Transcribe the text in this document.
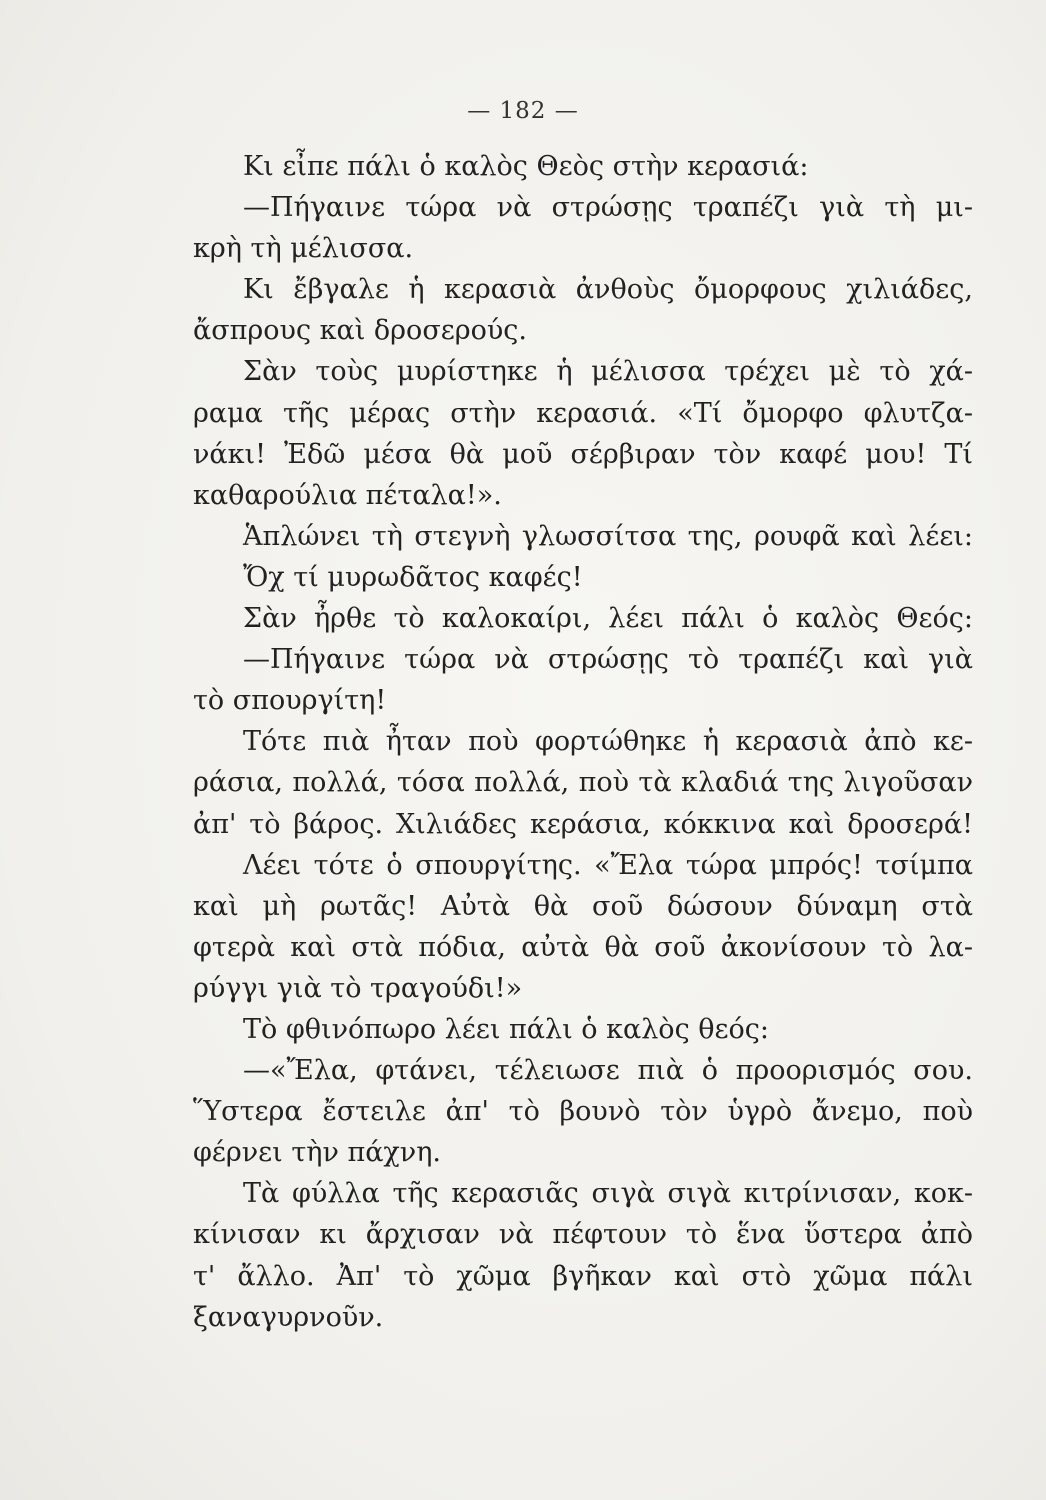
— 182 —
Κι εἶπε πάλι ὁ καλὸς Θεὸς στὴν κερασιά:
—Πήγαινε τώρα νὰ στρώσῃς τραπέζι γιὰ τὴ μι-
κρὴ τὴ μέλισσα.
Κι ἔβγαλε ἡ κερασιὰ ἀνθοὺς ὄμορφους χιλιάδες,
ἄσπρους καὶ δροσερούς.
Σὰν τοὺς μυρίστηκε ἡ μέλισσα τρέχει μὲ τὸ χά-
ραμα τῆς μέρας στὴν κερασιά. «Τί ὄμορφο φλυτζα-
νάκι! Ἐδῶ μέσα θὰ μοῦ σέρβιραν τὸν καφέ μου! Τί
καθαρούλια πέταλα!».
Ἁπλώνει τὴ στεγνὴ γλωσσίτσα της, ρουφᾶ καὶ λέει:
Ὄχ τί μυρωδᾶτος καφές!
Σὰν ἦρθε τὸ καλοκαίρι, λέει πάλι ὁ καλὸς Θεός:
—Πήγαινε τώρα νὰ στρώσῃς τὸ τραπέζι καὶ γιὰ
τὸ σπουργίτη!
Τότε πιὰ ἦταν ποὺ φορτώθηκε ἡ κερασιὰ ἀπὸ κε-
ράσια, πολλά, τόσα πολλά, ποὺ τὰ κλαδιά της λιγοῦσαν
ἀπ' τὸ βάρος. Χιλιάδες κεράσια, κόκκινα καὶ δροσερά!
Λέει τότε ὁ σπουργίτης. «Ἔλα τώρα μπρός! τσίμπα
καὶ μὴ ρωτᾶς! Αὐτὰ θὰ σοῦ δώσουν δύναμη στὰ
φτερὰ καὶ στὰ πόδια, αὐτὰ θὰ σοῦ ἀκονίσουν τὸ λα-
ρύγγι γιὰ τὸ τραγούδι!»
Τὸ φθινόπωρο λέει πάλι ὁ καλὸς θεός:
—«Ἔλα, φτάνει, τέλειωσε πιὰ ὁ προορισμός σου.
Ὕστερα ἔστειλε ἀπ' τὸ βουνὸ τὸν ὑγρὸ ἄνεμο, ποὺ
φέρνει τὴν πάχνη.
Τὰ φύλλα τῆς κερασιᾶς σιγὰ σιγὰ κιτρίνισαν, κοκ-
κίνισαν κι ἄρχισαν νὰ πέφτουν τὸ ἕνα ὕστερα ἀπὸ
τ' ἄλλο. Ἀπ' τὸ χῶμα βγῆκαν καὶ στὸ χῶμα πάλι
ξαναγυρνοῦν.
